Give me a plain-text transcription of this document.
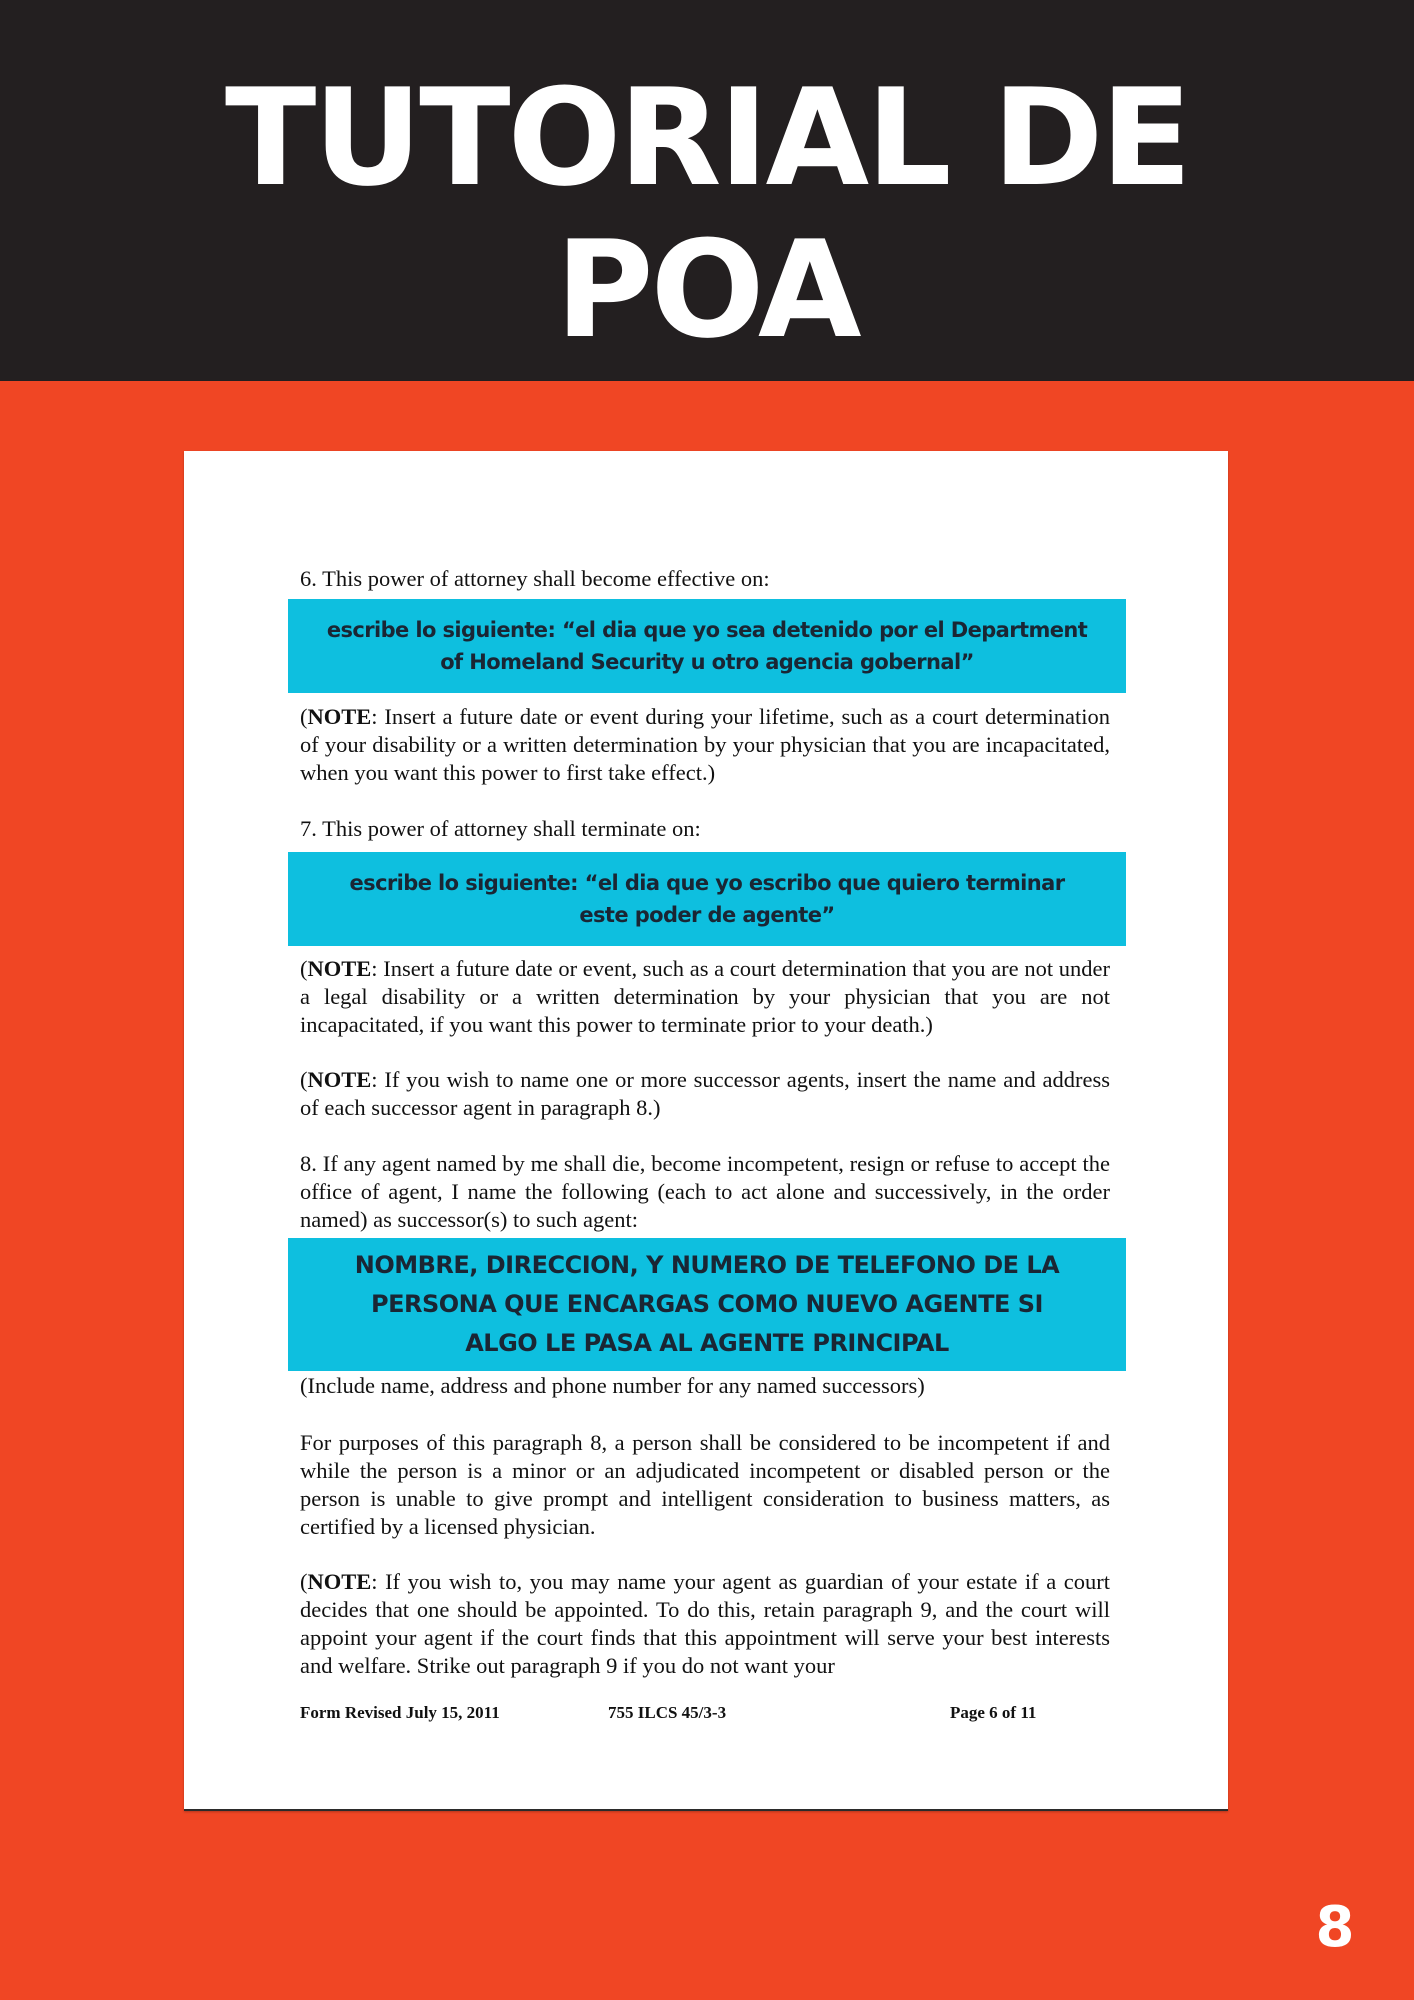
TUTORIAL DE
POA

6. This power of attorney shall become effective on:

escribe lo siguiente: “el dia que yo sea detenido por el Department
of Homeland Security u otro agencia gobernal”

(NOTE: Insert a future date or event during your lifetime, such as a court determination of your disability or a written determination by your physician that you are incapacitated, when you want this power to first take effect.)

7. This power of attorney shall terminate on:

escribe lo siguiente: “el dia que yo escribo que quiero terminar
este poder de agente”

(NOTE: Insert a future date or event, such as a court determination that you are not under a legal disability or a written determination by your physician that you are not incapacitated, if you want this power to terminate prior to your death.)

(NOTE: If you wish to name one or more successor agents, insert the name and address of each successor agent in paragraph 8.)

8. If any agent named by me shall die, become incompetent, resign or refuse to accept the office of agent, I name the following (each to act alone and successively, in the order named) as successor(s) to such agent:

NOMBRE, DIRECCION, Y NUMERO DE TELEFONO DE LA
PERSONA QUE ENCARGAS COMO NUEVO AGENTE SI
ALGO LE PASA AL AGENTE PRINCIPAL

(Include name, address and phone number for any named successors)

For purposes of this paragraph 8, a person shall be considered to be incompetent if and while the person is a minor or an adjudicated incompetent or disabled person or the person is unable to give prompt and intelligent consideration to business matters, as certified by a licensed physician.

(NOTE: If you wish to, you may name your agent as guardian of your estate if a court decides that one should be appointed. To do this, retain paragraph 9, and the court will appoint your agent if the court finds that this appointment will serve your best interests and welfare. Strike out paragraph 9 if you do not want your

Form Revised July 15, 2011	755 ILCS 45/3-3	Page 6 of 11
8
